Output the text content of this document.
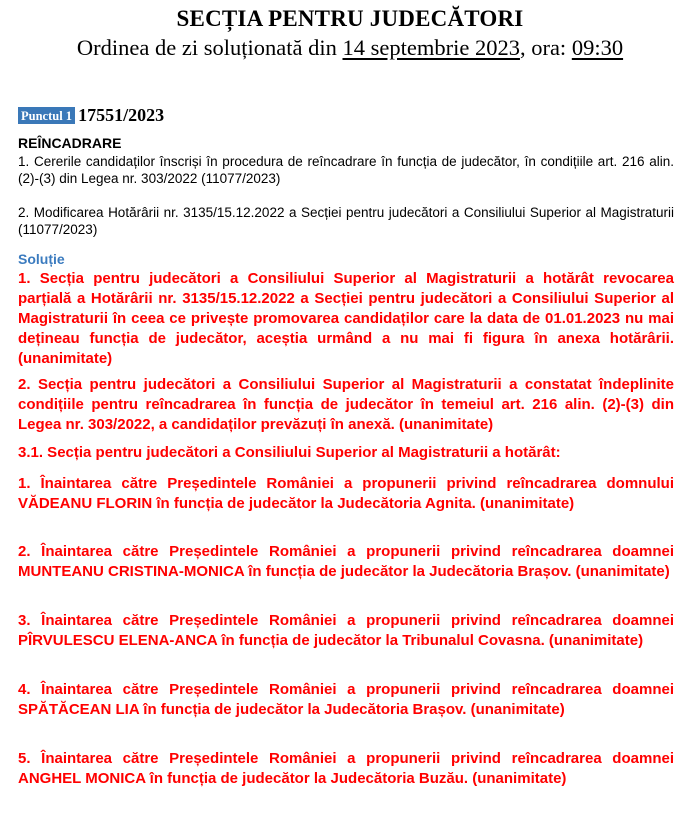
SECȚIA PENTRU JUDECĂTORI
Ordinea de zi soluționată din 14 septembrie 2023, ora: 09:30
Punctul 1 17551/2023
REÎNCADRARE
1. Cererile candidaților înscriși în procedura de reîncadrare în funcția de judecător, în condițiile art. 216 alin. (2)-(3) din Legea nr. 303/2022 (11077/2023)
2. Modificarea Hotărârii nr. 3135/15.12.2022 a Secției pentru judecători a Consiliului Superior al Magistraturii (11077/2023)
Soluție
1. Secția pentru judecători a Consiliului Superior al Magistraturii a hotărât revocarea parțială a Hotărârii nr. 3135/15.12.2022 a Secției pentru judecători a Consiliului Superior al Magistraturii în ceea ce privește promovarea candidaților care la data de 01.01.2023 nu mai dețineau funcția de judecător, aceștia urmând a nu mai fi figura în anexa hotărârii. (unanimitate)
2. Secția pentru judecători a Consiliului Superior al Magistraturii a constatat îndeplinite condițiile pentru reîncadrarea în funcția de judecător în temeiul art. 216 alin. (2)-(3) din Legea nr. 303/2022, a candidaților prevăzuți în anexă. (unanimitate)
3.1. Secția pentru judecători a Consiliului Superior al Magistraturii a hotărât:
1. Înaintarea către Președintele României a propunerii privind reîncadrarea domnului VĂDEANU FLORIN în funcția de judecător la Judecătoria Agnita. (unanimitate)
2. Înaintarea către Președintele României a propunerii privind reîncadrarea doamnei MUNTEANU CRISTINA-MONICA în funcția de judecător la Judecătoria Brașov. (unanimitate)
3. Înaintarea către Președintele României a propunerii privind reîncadrarea doamnei PÎRVULESCU ELENA-ANCA în funcția de judecător la Tribunalul Covasna. (unanimitate)
4. Înaintarea către Președintele României a propunerii privind reîncadrarea doamnei SPĂTĂCEAN LIA în funcția de judecător la Judecătoria Brașov. (unanimitate)
5. Înaintarea către Președintele României a propunerii privind reîncadrarea doamnei ANGHEL MONICA în funcția de judecător la Judecătoria Buzău. (unanimitate)
